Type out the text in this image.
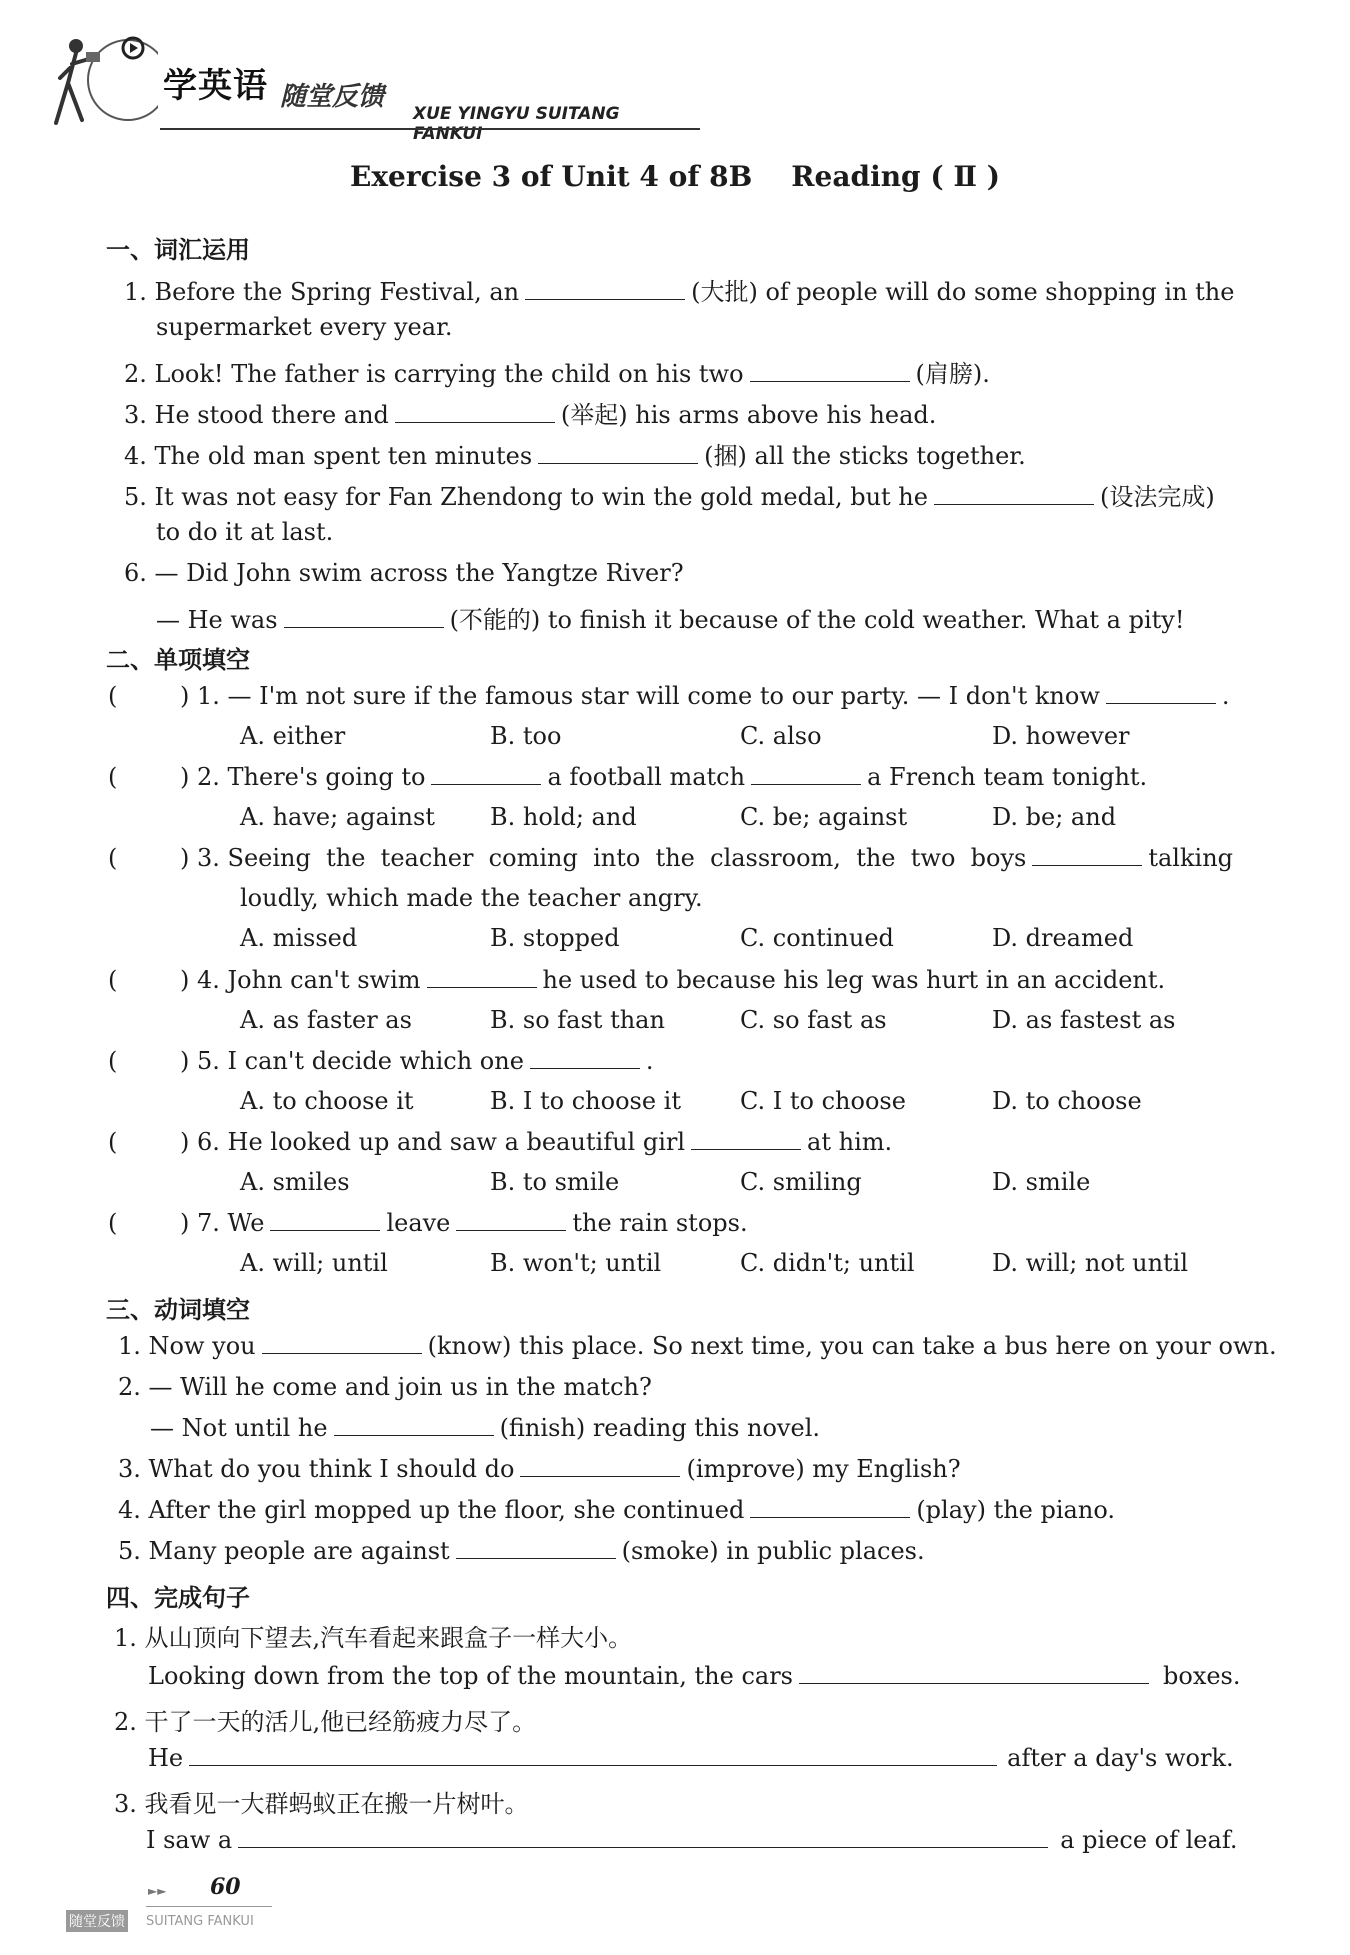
学英语 随堂反馈
XUE YINGYU SUITANG FANKUI
Exercise 3 of Unit 4 of 8B    Reading ( Ⅱ )
一、词汇运用
1. Before the Spring Festival, an	(大批) of people will do some shopping in the
supermarket every year.
2. Look! The father is carrying the child on his two	(肩膀).
3. He stood there and	(举起) his arms above his head.
4. The old man spent ten minutes	(捆) all the sticks together.
5. It was not easy for Fan Zhendong to win the gold medal, but he	(设法完成)
to do it at last.
6. — Did John swim across the Yangtze River?
— He was	(不能的) to finish it because of the cold weather. What a pity!
二、单项填空
(	) 1. — I'm not sure if the famous star will come to our party. — I don't know	.
A. either	B. too	C. also	D. however
(	) 2. There's going to	a football match	a French team tonight.
A. have; against B. hold; and	C. be; against	D. be; and
(	) 3. Seeing  the  teacher  coming  into  the  classroom,  the  two  boys	talking
loudly, which made the teacher angry.
A. missed	B. stopped	C. continued	D. dreamed
(	) 4. John can't swim	he used to because his leg was hurt in an accident.
A. as faster as	B. so fast than	C. so fast as	D. as fastest as
(	) 5. I can't decide which one	.
A. to choose it	B. I to choose it C. I to choose	D. to choose
(	) 6. He looked up and saw a beautiful girl	at him.
A. smiles	B. to smile	C. smiling	D. smile
(	) 7. We	leave	the rain stops.
A. will; until	B. won't; until	C. didn't; until	D. will; not until
三、动词填空
1. Now you	(know) this place. So next time, you can take a bus here on your own.
2. — Will he come and join us in the match?
— Not until he	(finish) reading this novel.
3. What do you think I should do	(improve) my English?
4. After the girl mopped up the floor, she continued	(play) the piano.
5. Many people are against	(smoke) in public places.
四、完成句子
1. 从山顶向下望去,汽车看起来跟盒子一样大小。
Looking down from the top of the mountain, the cars	boxes.
2. 干了一天的活儿,他已经筋疲力尽了。
He	after a day's work.
3. 我看见一大群蚂蚁正在搬一片树叶。
I saw a	a piece of leaf.
►► 60
随堂反馈 SUITANG FANKUI
